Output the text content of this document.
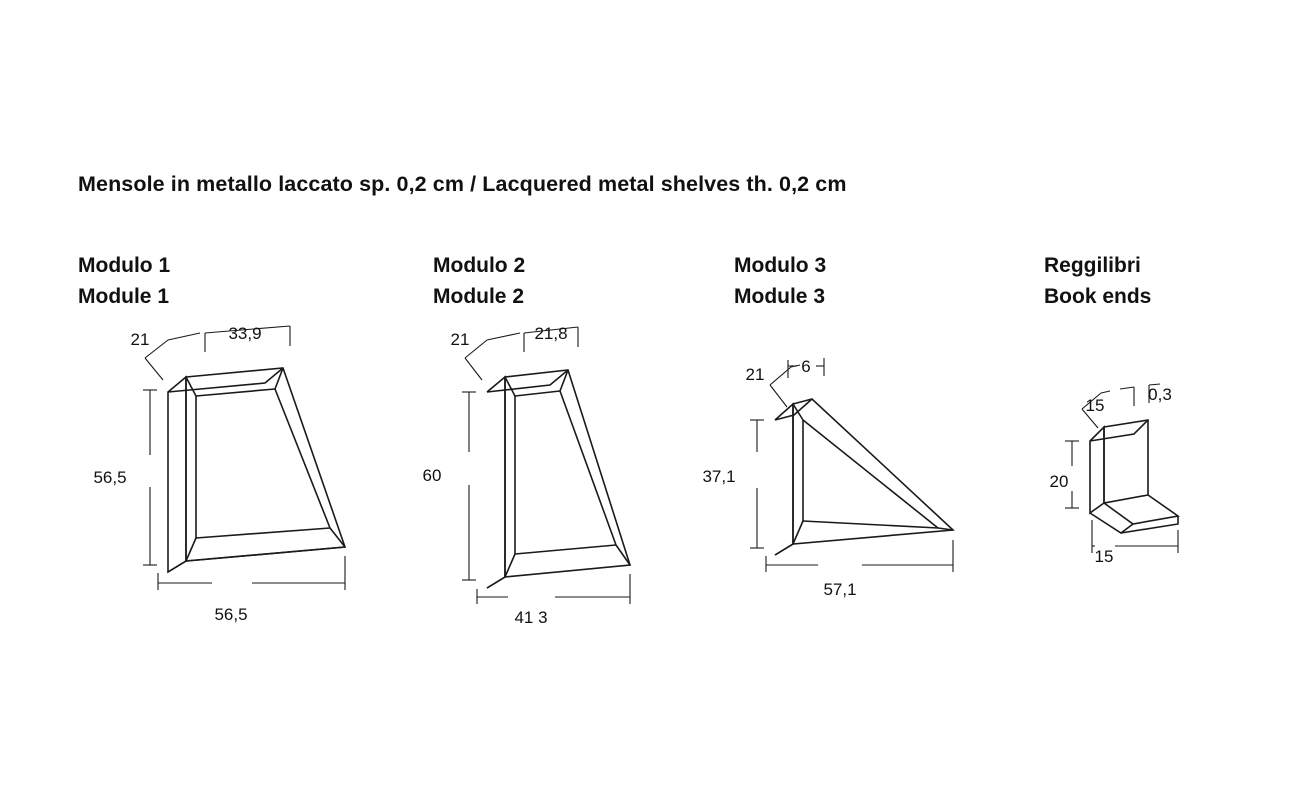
Mensole in metallo laccato sp. 0,2 cm / Lacquered metal shelves th. 0,2 cm
Modulo 1
Module 1
Modulo 2
Module 2
Modulo 3
Module 3
Reggilibri
Book ends
21	33,9
56,5
56,5
21	21,8
60
41 3
21 6
37,1
57,1
15
0,3
20
15
